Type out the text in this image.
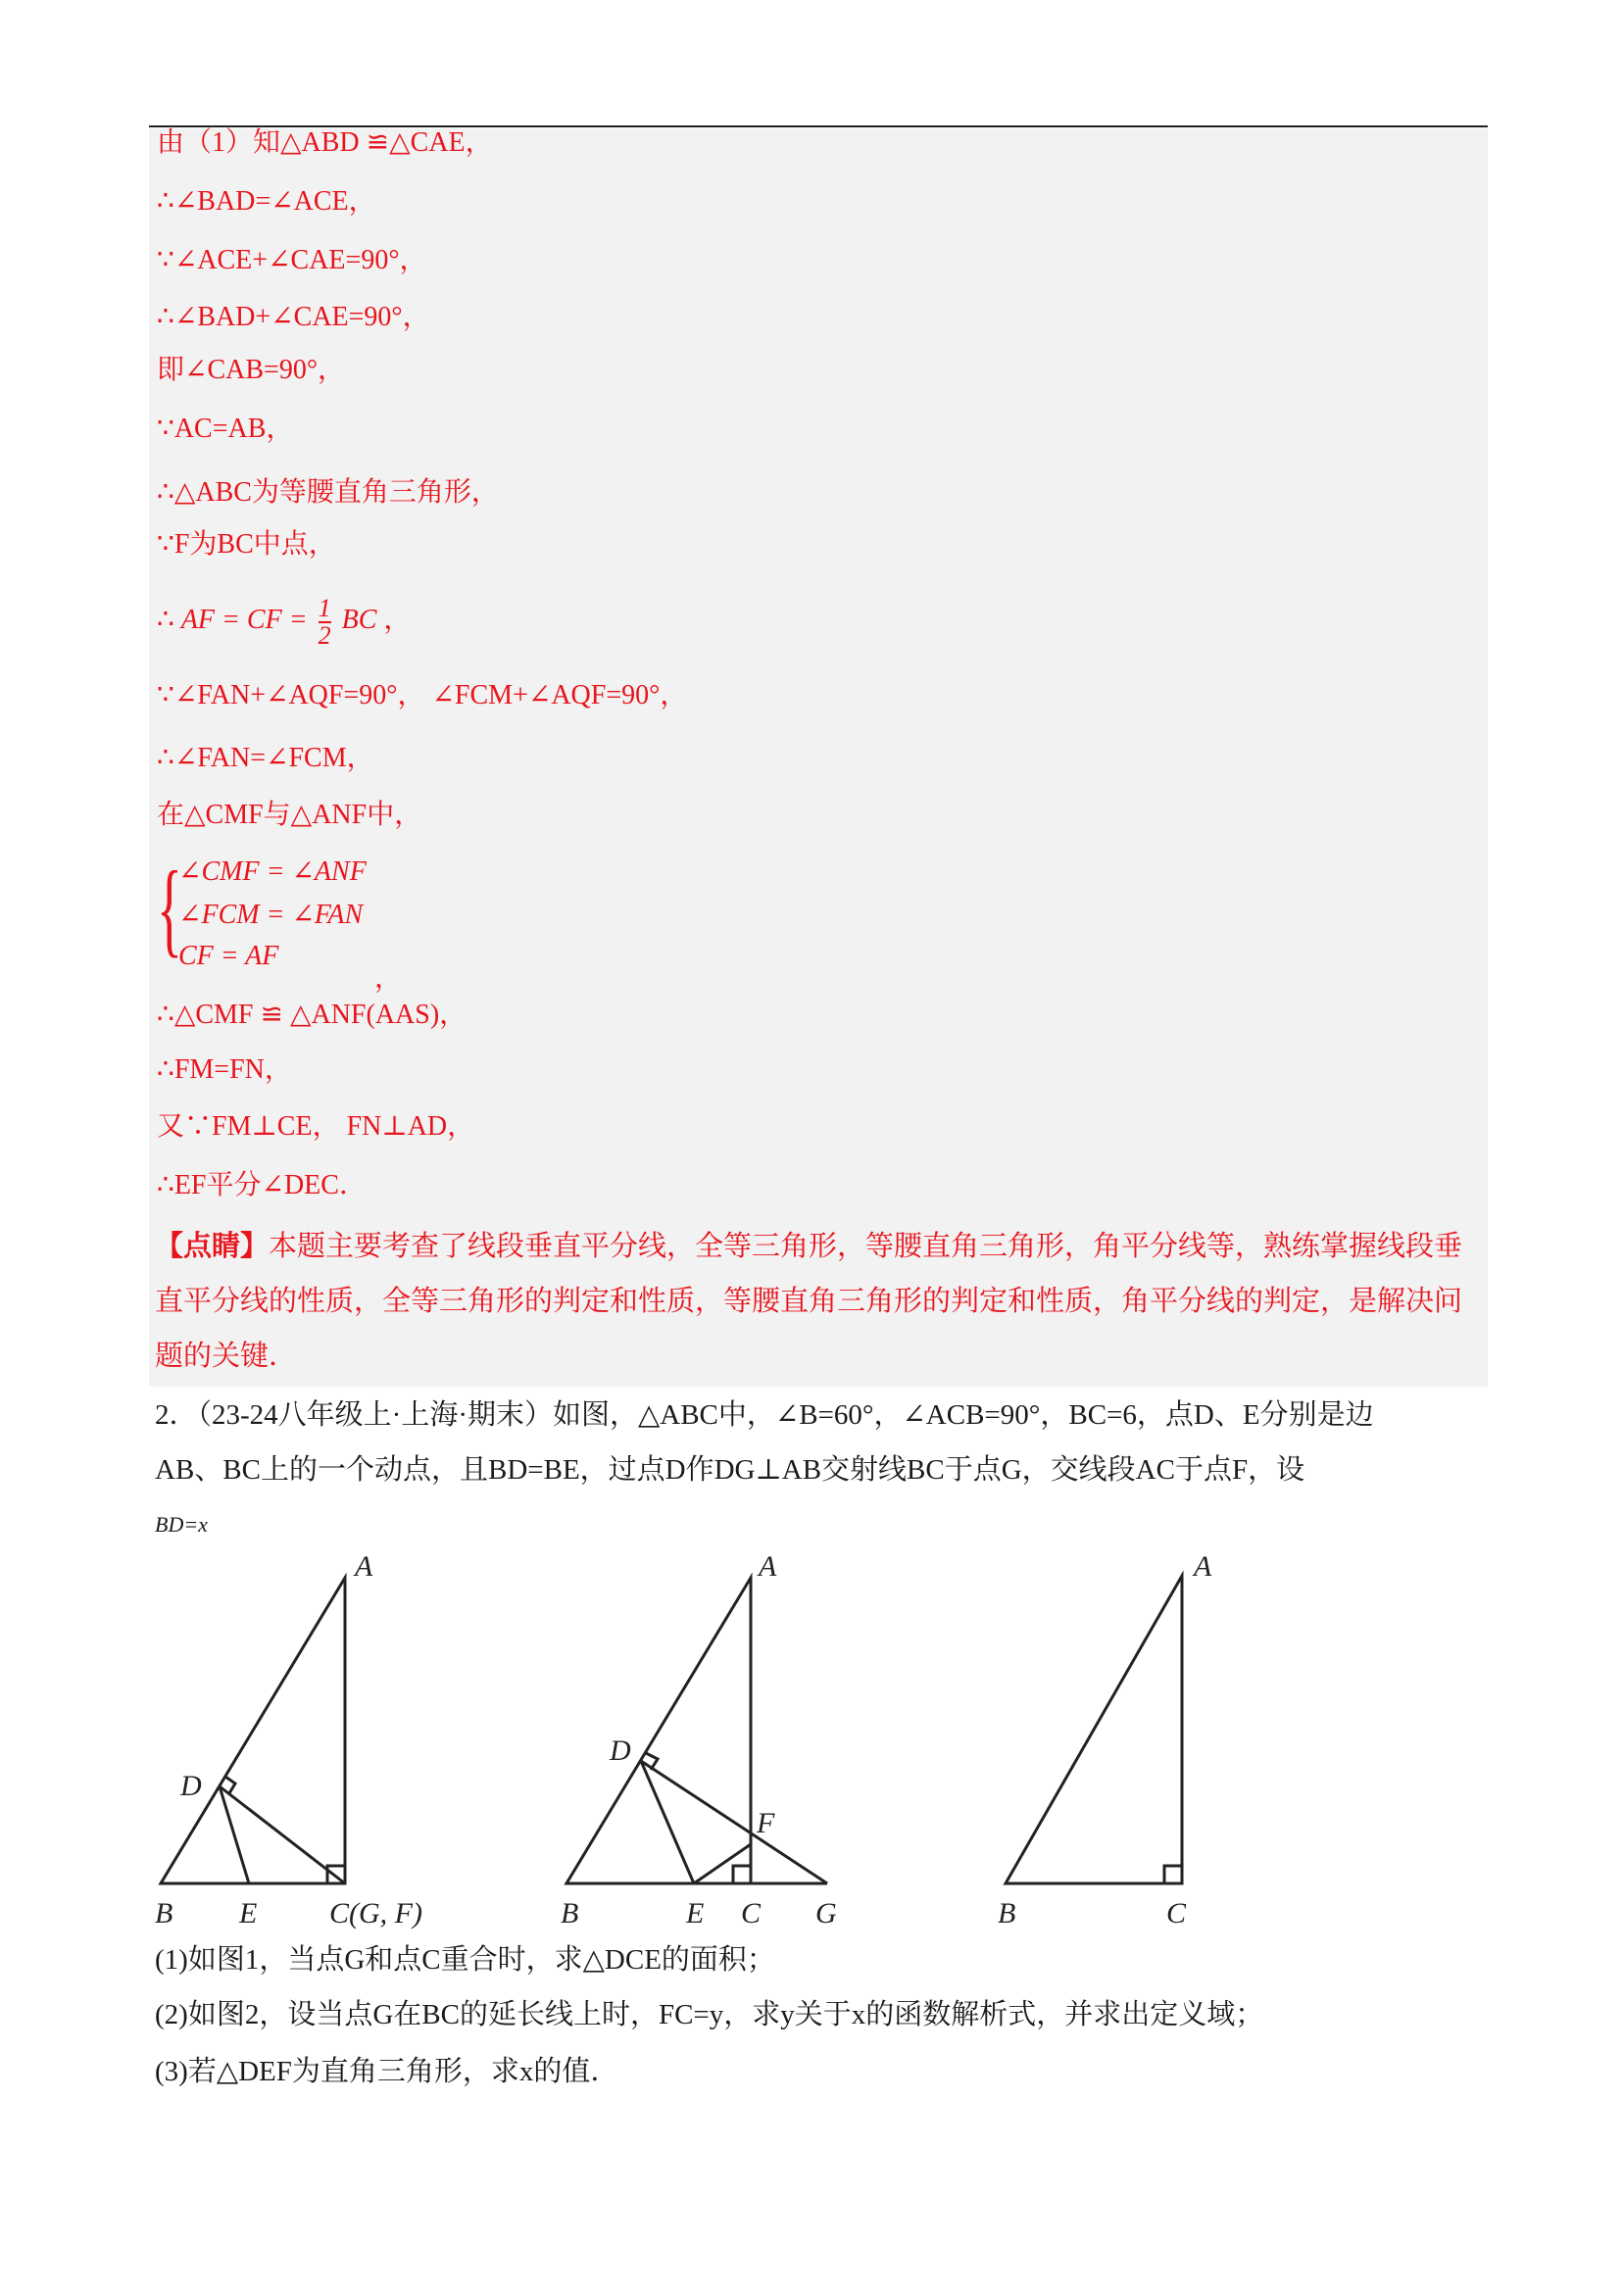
由（1）知△ABD ≌△CAE，
∴∠BAD=∠ACE，
∵∠ACE+∠CAE=90°，
∴∠BAD+∠CAE=90°，
即∠CAB=90°，
∵AC=AB，
∴△ABC为等腰直角三角形，
∵F为BC中点，
∴ AF = CF = $\frac{1}{2}$ BC ，
∵∠FAN+∠AQF=90°， ∠FCM+∠AQF=90°，
∴∠FAN=∠FCM，
在△CMF与△ANF中，
{
∠CMF = ∠ANF
∠FCM = ∠FAN
CF = AF
，
∴△CMF ≌ △ANF(AAS)，
∴FM=FN，
又∵FM⊥CE， FN⊥AD，
∴EF平分∠DEC．
【点睛】本题主要考查了线段垂直平分线，全等三角形，等腰直角三角形，角平分线等，熟练掌握线段垂直平分线的性质，全等三角形的判定和性质，等腰直角三角形的判定和性质，角平分线的判定，是解决问题的关键．
2．（23-24八年级上·上海·期末）如图，△ABC中，∠B=60°，∠ACB=90°，BC=6，点D、E分别是边
AB、BC上的一个动点，且BD=BE，过点D作DG⊥AB交射线BC于点G，交线段AC于点F，设
BD=x
A
B	C(G, F)
D
E
A
B	C
D
E
F
G
A
B	C
(1)如图1，当点G和点C重合时，求△DCE的面积；
(2)如图2，设当点G在BC的延长线上时，FC=y，求y关于x的函数解析式，并求出定义域；
(3)若△DEF为直角三角形，求x的值．
